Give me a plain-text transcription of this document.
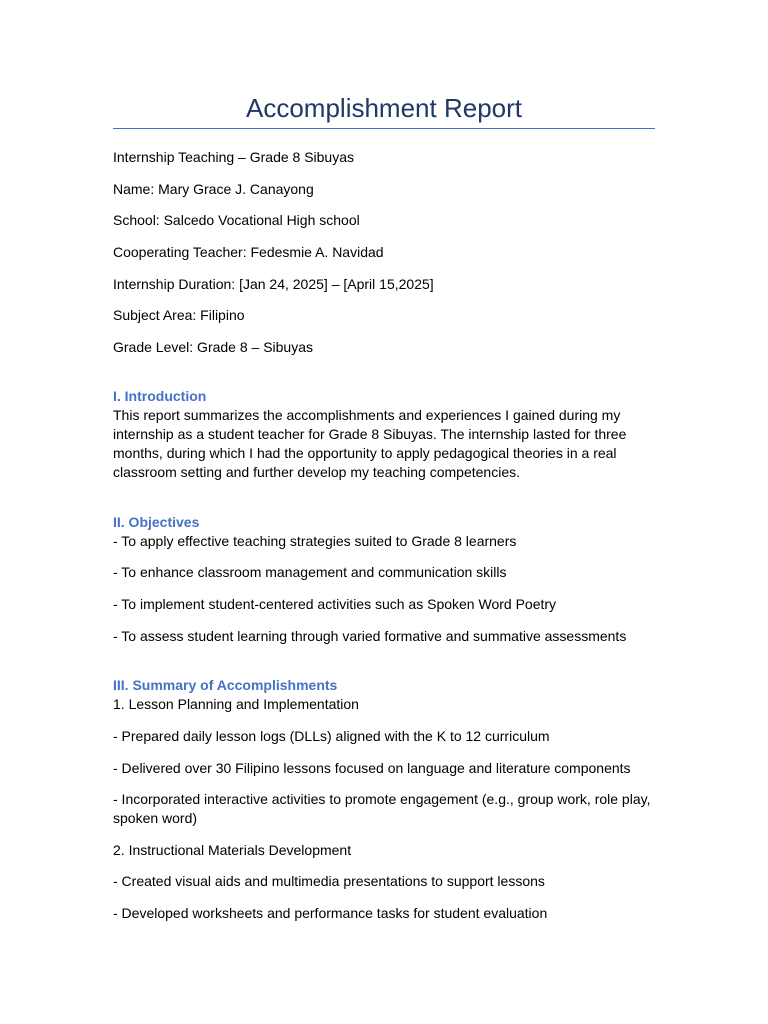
Accomplishment Report
Internship Teaching – Grade 8 Sibuyas
Name: Mary Grace J. Canayong
School: Salcedo Vocational High school
Cooperating Teacher: Fedesmie A. Navidad
Internship Duration: [Jan 24, 2025] – [April 15,2025]
Subject Area: Filipino
Grade Level: Grade 8 – Sibuyas
I. Introduction
This report summarizes the accomplishments and experiences I gained during my internship as a student teacher for Grade 8 Sibuyas. The internship lasted for three months, during which I had the opportunity to apply pedagogical theories in a real classroom setting and further develop my teaching competencies.
II. Objectives
- To apply effective teaching strategies suited to Grade 8 learners
- To enhance classroom management and communication skills
- To implement student-centered activities such as Spoken Word Poetry
- To assess student learning through varied formative and summative assessments
III. Summary of Accomplishments
1. Lesson Planning and Implementation
- Prepared daily lesson logs (DLLs) aligned with the K to 12 curriculum
- Delivered over 30 Filipino lessons focused on language and literature components
- Incorporated interactive activities to promote engagement (e.g., group work, role play, spoken word)
2. Instructional Materials Development
- Created visual aids and multimedia presentations to support lessons
- Developed worksheets and performance tasks for student evaluation
